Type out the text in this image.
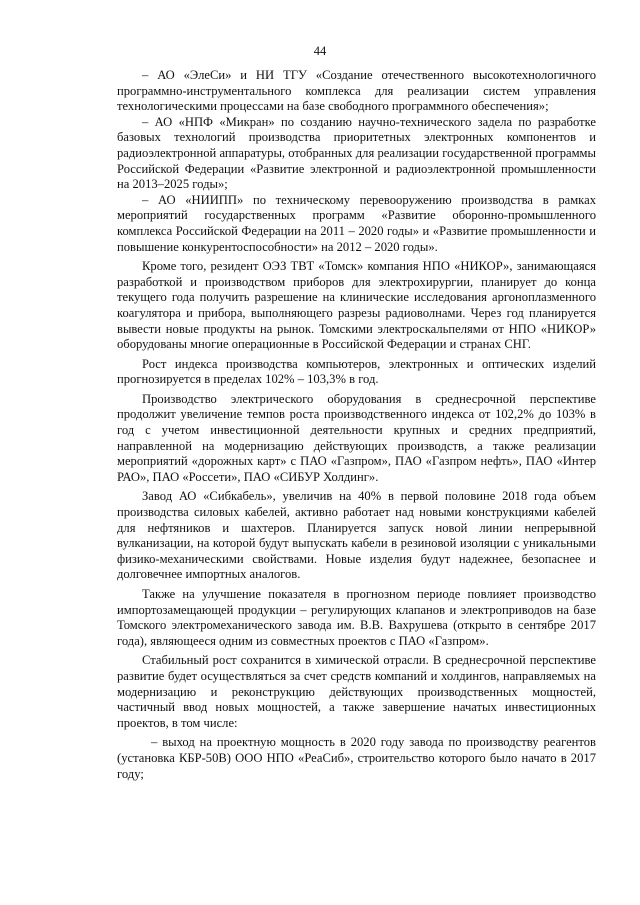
44

– АО «ЭлеСи» и НИ ТГУ «Создание отечественного высокотехнологичного программно-инструментального комплекса для реализации систем управления технологическими процессами на базе свободного программного обеспечения»;

– АО «НПФ «Микран» по созданию научно-технического задела по разработке базовых технологий производства приоритетных электронных компонентов и радиоэлектронной аппаратуры, отобранных для реализации государственной программы Российской Федерации «Развитие электронной и радиоэлектронной промышленности на 2013–2025 годы»;

– АО «НИИПП» по техническому перевооружению производства в рамках мероприятий государственных программ «Развитие оборонно-промышленного комплекса Российской Федерации на 2011 – 2020 годы» и «Развитие промышленности и повышение конкурентоспособности» на 2012 – 2020 годы».

Кроме того, резидент ОЭЗ ТВТ «Томск» компания НПО «НИКОР», занимающаяся разработкой и производством приборов для электрохирургии, планирует до конца текущего года получить разрешение на клинические исследования аргоноплазменного коагулятора и прибора, выполняющего разрезы радиоволнами. Через год планируется вывести новые продукты на рынок. Томскими электроскальпелями от НПО «НИКОР» оборудованы многие операционные в Российской Федерации и странах СНГ.

Рост индекса производства компьютеров, электронных и оптических изделий прогнозируется в пределах 102% – 103,3% в год.

Производство электрического оборудования в среднесрочной перспективе продолжит увеличение темпов роста производственного индекса от 102,2% до 103% в год с учетом инвестиционной деятельности крупных и средних предприятий, направленной на модернизацию действующих производств, а также реализации мероприятий «дорожных карт» с ПАО «Газпром», ПАО «Газпром нефть», ПАО «Интер РАО», ПАО «Россети», ПАО «СИБУР Холдинг».

Завод АО «Сибкабель», увеличив на 40% в первой половине 2018 года объем производства силовых кабелей, активно работает над новыми конструкциями кабелей для нефтяников и шахтеров. Планируется запуск новой линии непрерывной вулканизации, на которой будут выпускать кабели в резиновой изоляции с уникальными физико-механическими свойствами. Новые изделия будут надежнее, безопаснее и долговечнее импортных аналогов.

Также на улучшение показателя в прогнозном периоде повлияет производство импортозамещающей продукции – регулирующих клапанов и электроприводов на базе Томского электромеханического завода им. В.В. Вахрушева (открыто в сентябре 2017 года), являющееся одним из совместных проектов с ПАО «Газпром».

Стабильный рост сохранится в химической отрасли. В среднесрочной перспективе развитие будет осуществляться за счет средств компаний и холдингов, направляемых на модернизацию и реконструкцию действующих производственных мощностей, частичный ввод новых мощностей, а также завершение начатых инвестиционных проектов, в том числе:

– выход на проектную мощность в 2020 году завода по производству реагентов (установка КБР-50В) ООО НПО «РеаСиб», строительство которого было начато в 2017 году;
